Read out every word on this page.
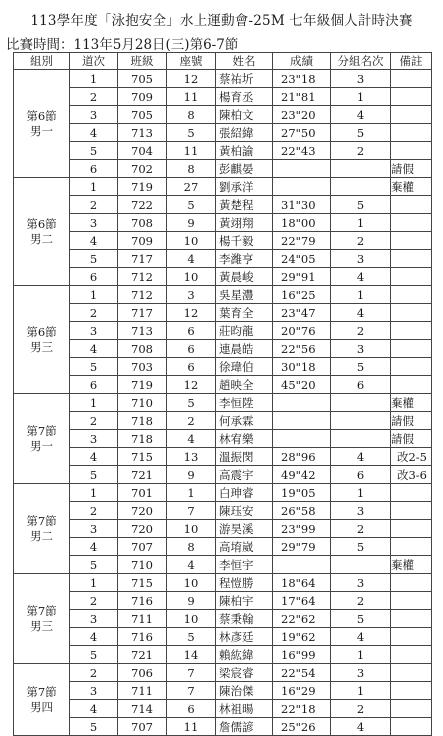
113學年度「泳抱安全」水上運動會-25M 七年級個人計時決賽
比賽時間：113年5月28日(三)第6-7節
組別	道次	班級	座號	姓名	成績	分組名次	備註

第6節
男一	1	705	12	蔡祐圻	23"18	3	
	2	709	11	楊育丞	21"81	1	
	3	705	8	陳柏文	23"20	4	
	4	713	5	張紹緯	27"50	5	
	5	704	11	黃柏諭	22"43	2	
	6	702	8	彭麒晏			請假

第6節
男二	1	719	27	劉承洋			棄權
	2	722	5	黃楚程	31"30	5	
	3	708	9	黃翊翔	18"00	1	
	4	709	10	楊千毅	22"79	2	
	5	717	4	李濰亨	24"05	3	
	6	712	10	黃晨峻	29"91	4	

第6節
男三	1	712	3	吳星灃	16"25	1	
	2	717	12	葉育全	23"47	4	
	3	713	6	莊昀龍	20"76	2	
	4	708	6	連晨皓	22"56	3	
	5	703	6	徐瑋伯	30"18	5	
	6	719	12	趙映全	45"20	6	

第7節
男一	1	710	5	李恒陞			棄權
	2	718	2	何承霖			請假
	3	718	4	林宥樂			請假
	4	715	13	溫振閔	28"96	4	改2-5
	5	721	9	高震宇	49"42	6	改3-6

第7節
男二	1	701	1	白珅睿	19"05	1	
	2	720	7	陳珏安	26"58	3	
	3	720	10	游昊溪	23"99	2	
	4	707	8	高堉崴	29"79	5	
	5	710	4	李恒宇			棄權

第7節
男三	1	715	10	程愷勝	18"64	3	
	2	716	9	陳柏宇	17"64	2	
	3	711	10	蔡秉翰	22"62	5	
	4	716	5	林彥廷	19"62	4	
	5	721	14	賴紘緯	16"99	1	

第7節
男四	2	706	7	梁宸睿	22"54	3	
	3	711	7	陳治傑	16"29	1	
	4	714	6	林祖暘	22"18	2	
	5	707	11	詹儒諺	25"26	4	
